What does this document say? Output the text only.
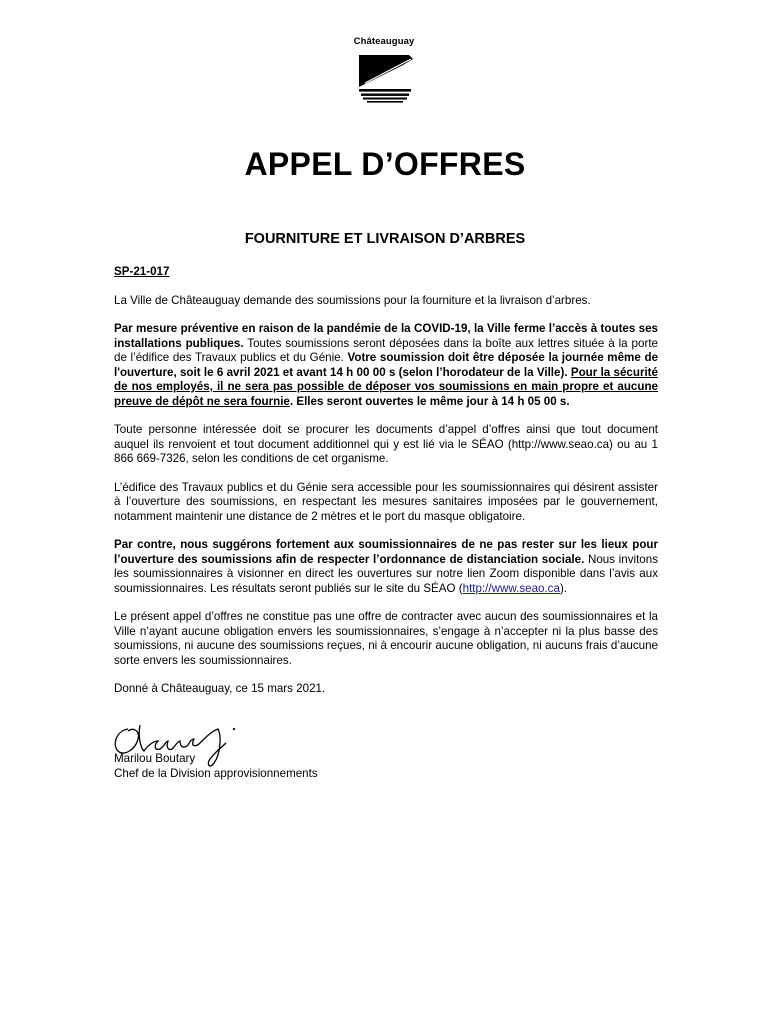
Châteauguay
APPEL D’OFFRES
FOURNITURE ET LIVRAISON D’ARBRES
SP-21-017

La Ville de Châteauguay demande des soumissions pour la fourniture et la livraison d’arbres.

Par mesure préventive en raison de la pandémie de la COVID-19, la Ville ferme l’accès à toutes ses installations publiques. Toutes soumissions seront déposées dans la boîte aux lettres située à la porte de l’édifice des Travaux publics et du Génie. Votre soumission doit être déposée la journée même de l'ouverture, soit le 6 avril 2021 et avant 14 h 00 00 s (selon l’horodateur de la Ville). Pour la sécurité de nos employés, il ne sera pas possible de déposer vos soumissions en main propre et aucune preuve de dépôt ne sera fournie. Elles seront ouvertes le même jour à 14 h 05 00 s.

Toute personne intéressée doit se procurer les documents d’appel d’offres ainsi que tout document auquel ils renvoient et tout document additionnel qui y est lié via le SÉAO (http://www.seao.ca) ou au 1 866 669-7326, selon les conditions de cet organisme.

L’édifice des Travaux publics et du Génie sera accessible pour les soumissionnaires qui désirent assister à l’ouverture des soumissions, en respectant les mesures sanitaires imposées par le gouvernement, notamment maintenir une distance de 2 mètres et le port du masque obligatoire.

Par contre, nous suggérons fortement aux soumissionnaires de ne pas rester sur les lieux pour l’ouverture des soumissions afin de respecter l’ordonnance de distanciation sociale. Nous invitons les soumissionnaires à visionner en direct les ouvertures sur notre lien Zoom disponible dans l’avis aux soumissionnaires. Les résultats seront publiés sur le site du SÉAO (http://www.seao.ca).

Le présent appel d’offres ne constitue pas une offre de contracter avec aucun des soumissionnaires et la Ville n’ayant aucune obligation envers les soumissionnaires, s’engage à n’accepter ni la plus basse des soumissions, ni aucune des soumissions reçues, ni à encourir aucune obligation, ni aucuns frais d’aucune sorte envers les soumissionnaires.

Donné à Châteauguay, ce 15 mars 2021.

Marilou Boutary
Chef de la Division approvisionnements
